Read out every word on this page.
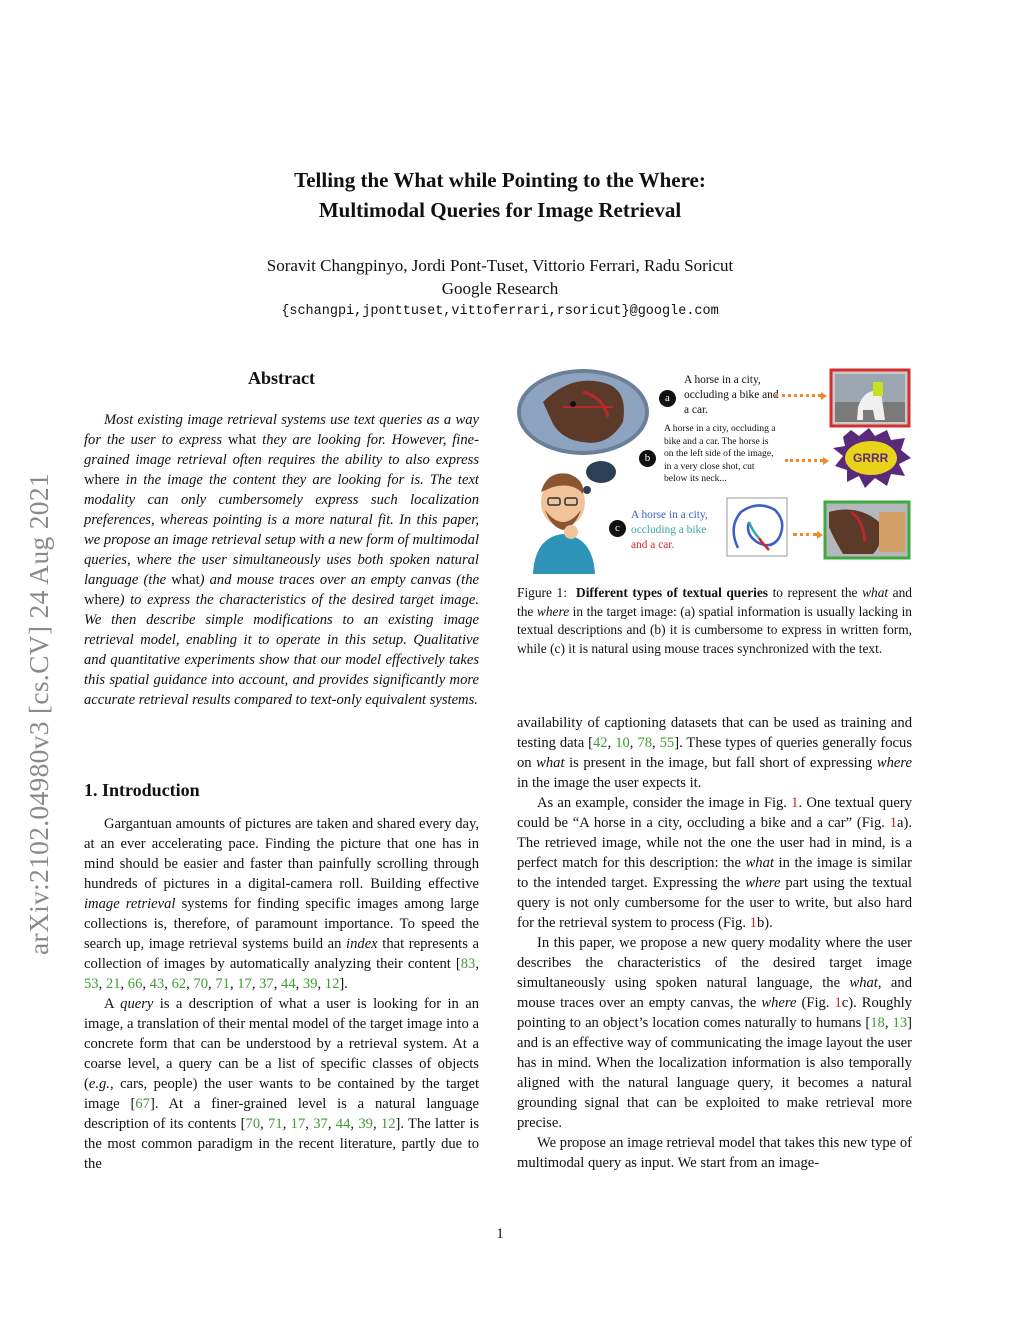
arXiv:2102.04980v3 [cs.CV] 24 Aug 2021
Telling the What while Pointing to the Where:
Multimodal Queries for Image Retrieval
Soravit Changpinyo, Jordi Pont-Tuset, Vittorio Ferrari, Radu Soricut
Google Research
{schangpi,jponttuset,vittoferrari,rsoricut}@google.com
Abstract

Most existing image retrieval systems use text queries as a way for the user to express what they are looking for. However, fine-grained image retrieval often requires the ability to also express where in the image the content they are looking for is. The text modality can only cumbersomely express such localization preferences, whereas pointing is a more natural fit. In this paper, we propose an image retrieval setup with a new form of multimodal queries, where the user simultaneously uses both spoken natural language (the what) and mouse traces over an empty canvas (the where) to express the characteristics of the desired target image. We then describe simple modifications to an existing image retrieval model, enabling it to operate in this setup. Qualitative and quantitative experiments show that our model effectively takes this spatial guidance into account, and provides significantly more accurate retrieval results compared to text-only equivalent systems.

1. Introduction

Gargantuan amounts of pictures are taken and shared every day, at an ever accelerating pace. Finding the picture that one has in mind should be easier and faster than painfully scrolling through hundreds of pictures in a digital-camera roll. Building effective image retrieval systems for finding specific images among large collections is, therefore, of paramount importance. To speed the search up, image retrieval systems build an index that represents a collection of images by automatically analyzing their content [83, 53, 21, 66, 43, 62, 70, 71, 17, 37, 44, 39, 12].

A query is a description of what a user is looking for in an image, a translation of their mental model of the target image into a concrete form that can be understood by a retrieval system. At a coarse level, a query can be a list of specific classes of objects (e.g., cars, people) the user wants to be contained by the target image [67]. At a finer-grained level is a natural language description of its contents [70, 71, 17, 37, 44, 39, 12]. The latter is the most common paradigm in the recent literature, partly due to the

a
A horse in a city, occluding a bike and a car.
b
A horse in a city, occluding a bike and a car. The horse is on the left side of the image, in a very close shot, cut below its neck...
c
A horse in a city,
occluding a bike
and a car.
GRRR
Figure 1: Different types of textual queries to represent the what and the where in the target image: (a) spatial information is usually lacking in textual descriptions and (b) it is cumbersome to express in written form, while (c) it is natural using mouse traces synchronized with the text.

availability of captioning datasets that can be used as training and testing data [42, 10, 78, 55]. These types of queries generally focus on what is present in the image, but fall short of expressing where in the image the user expects it.

As an example, consider the image in Fig. 1. One textual query could be “A horse in a city, occluding a bike and a car” (Fig. 1a). The retrieved image, while not the one the user had in mind, is a perfect match for this description: the what in the image is similar to the intended target. Expressing the where part using the textual query is not only cumbersome for the user to write, but also hard for the retrieval system to process (Fig. 1b).

In this paper, we propose a new query modality where the user describes the characteristics of the desired target image simultaneously using spoken natural language, the what, and mouse traces over an empty canvas, the where (Fig. 1c). Roughly pointing to an object’s location comes naturally to humans [18, 13] and is an effective way of communicating the image layout the user has in mind. When the localization information is also temporally aligned with the natural language query, it becomes a natural grounding signal that can be exploited to make retrieval more precise.

We propose an image retrieval model that takes this new type of multimodal query as input. We start from an image-

1
